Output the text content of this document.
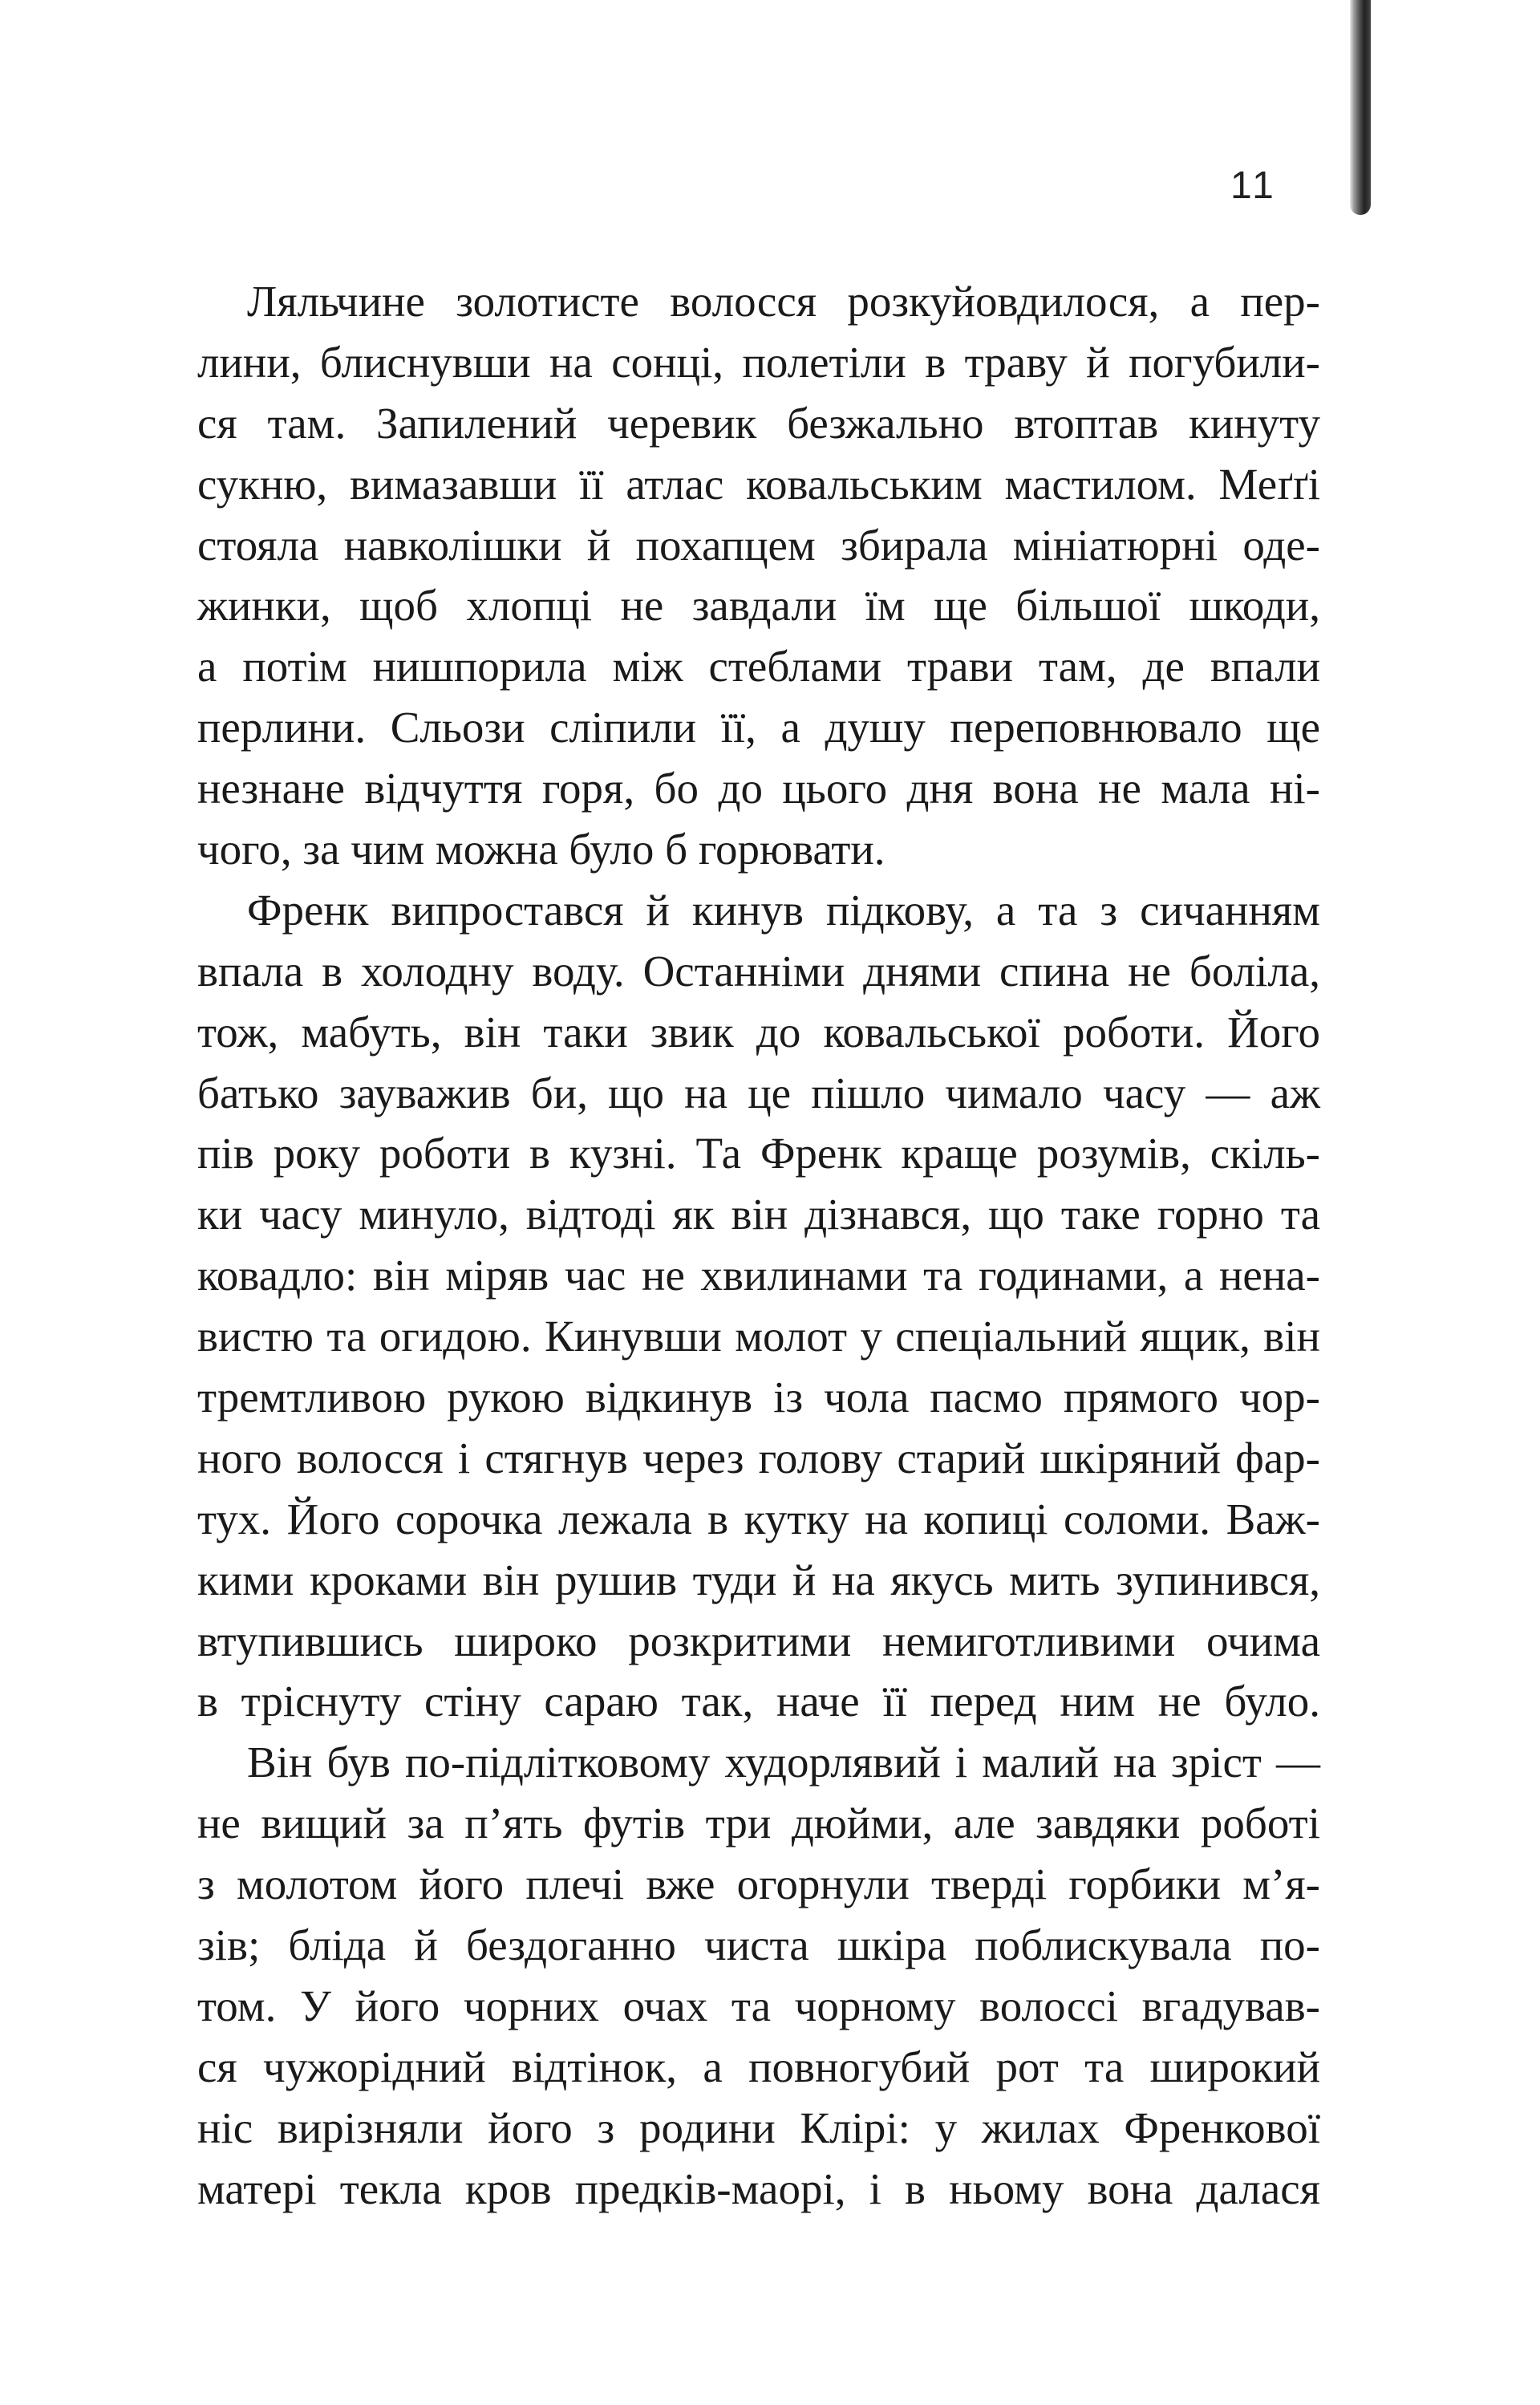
11
Ляльчине золотисте волосся розкуйовдилося, а пер-
лини, блиснувши на сонці, полетіли в траву й погубили-
ся там. Запилений черевик безжально втоптав кинуту
сукню, вимазавши її атлас ковальським мастилом. Меґґі
стояла навколішки й похапцем збирала мініатюрні оде-
жинки, щоб хлопці не завдали їм ще більшої шкоди,
а потім нишпорила між стеблами трави там, де впали
перлини. Сльози сліпили її, а душу переповнювало ще
незнане відчуття горя, бо до цього дня вона не мала ні-
чого, за чим можна було б горювати.
Френк випростався й кинув підкову, а та з сичанням
впала в холодну воду. Останніми днями спина не боліла,
тож, мабуть, він таки звик до ковальської роботи. Його
батько зауважив би, що на це пішло чимало часу — аж
пів року роботи в кузні. Та Френк краще розумів, скіль-
ки часу минуло, відтоді як він дізнався, що таке горно та
ковадло: він міряв час не хвилинами та годинами, а нена-
вистю та огидою. Кинувши молот у спеціальний ящик, він
тремтливою рукою відкинув із чола пасмо прямого чор-
ного волосся і стягнув через голову старий шкіряний фар-
тух. Його сорочка лежала в кутку на копиці соломи. Важ-
кими кроками він рушив туди й на якусь мить зупинився,
втупившись широко розкритими немиготливими очима
в тріснуту стіну сараю так, наче її перед ним не було.
Він був по-підлітковому худорлявий і малий на зріст —
не вищий за п’ять футів три дюйми, але завдяки роботі
з молотом його плечі вже огорнули тверді горбики м’я-
зів; бліда й бездоганно чиста шкіра поблискувала по-
том. У його чорних очах та чорному волоссі вгадував-
ся чужорідний відтінок, а повногубий рот та широкий
ніс вирізняли його з родини Клірі: у жилах Френкової
матері текла кров предків-маорі, і в ньому вона далася
